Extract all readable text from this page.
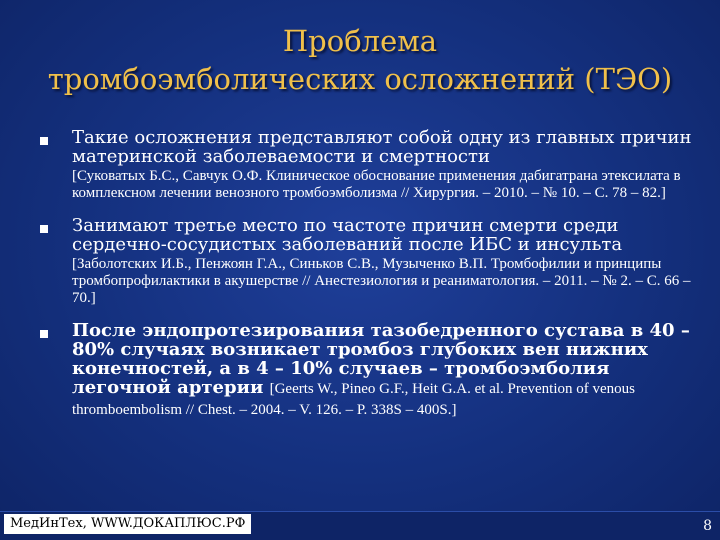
Проблема
тромбоэмболических осложнений (ТЭО)
Такие осложнения представляют собой одну из главных причин материнской заболеваемости и смертности
[Суковатых Б.С., Савчук О.Ф. Клиническое обоснование применения дабигатрана этексилата в комплексном лечении венозного тромбоэмболизма // Хирургия. – 2010. – № 10. – С. 78 – 82.]
Занимают третье место по частоте причин смерти среди сердечно-сосудистых заболеваний после ИБС и инсульта
[Заболотских И.Б., Пенжоян Г.А., Синьков С.В., Музыченко В.П. Тромбофилии и принципы тромбопрофилактики в акушерстве // Анестезиология и реаниматология. – 2011. – № 2. – С. 66 – 70.]
После эндопротезирования тазобедренного сустава в 40 – 80% случаях возникает тромбоз глубоких вен нижних конечностей, а в 4 – 10% случаев – тромбоэмболия легочной артерии [Geerts W., Pineo G.F., Heit G.A. et al. Prevention of venous thromboembolism // Chest. – 2004. – V. 126. – P. 338S – 400S.]
МедИнТех, WWW.ДОКАПЛЮС.РФ	8
